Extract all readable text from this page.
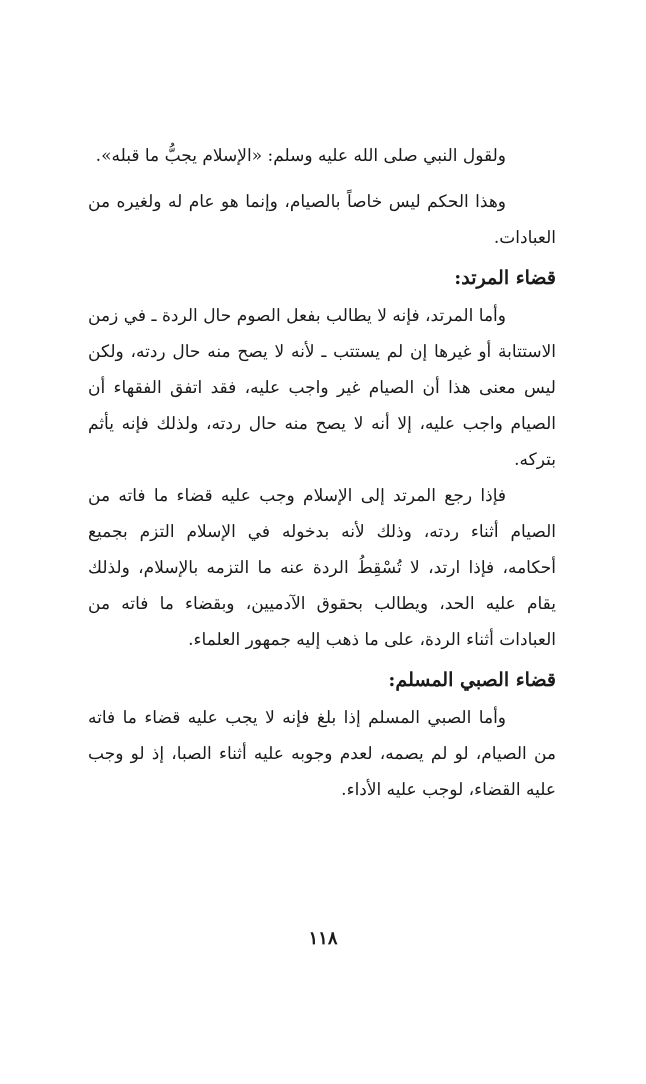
ولقول النبي صلى الله عليه وسلم: «الإسلام يجبُّ ما قبله».

وهذا الحكم ليس خاصاً بالصيام، وإنما هو عام له ولغيره من العبادات.

قضاء المرتد:

وأما المرتد، فإنه لا يطالب بفعل الصوم حال الردة ـ في زمن الاستتابة أو غيرها إن لم يستتب ـ لأنه لا يصح منه حال ردته، ولكن ليس معنى هذا أن الصيام غير واجب عليه، فقد اتفق الفقهاء أن الصيام واجب عليه، إلا أنه لا يصح منه حال ردته، ولذلك فإنه يأثم بتركه.

فإذا رجع المرتد إلى الإسلام وجب عليه قضاء ما فاته من الصيام أثناء ردته، وذلك لأنه بدخوله في الإسلام التزم بجميع أحكامه، فإذا ارتد، لا تُسْقِطُ الردة عنه ما التزمه بالإسلام، ولذلك يقام عليه الحد، ويطالب بحقوق الآدميين، وبقضاء ما فاته من العبادات أثناء الردة، على ما ذهب إليه جمهور العلماء.

قضاء الصبي المسلم:

وأما الصبي المسلم إذا بلغ فإنه لا يجب عليه قضاء ما فاته من الصيام، لو لم يصمه، لعدم وجوبه عليه أثناء الصبا، إذ لو وجب عليه القضاء، لوجب عليه الأداء.

١١٨
